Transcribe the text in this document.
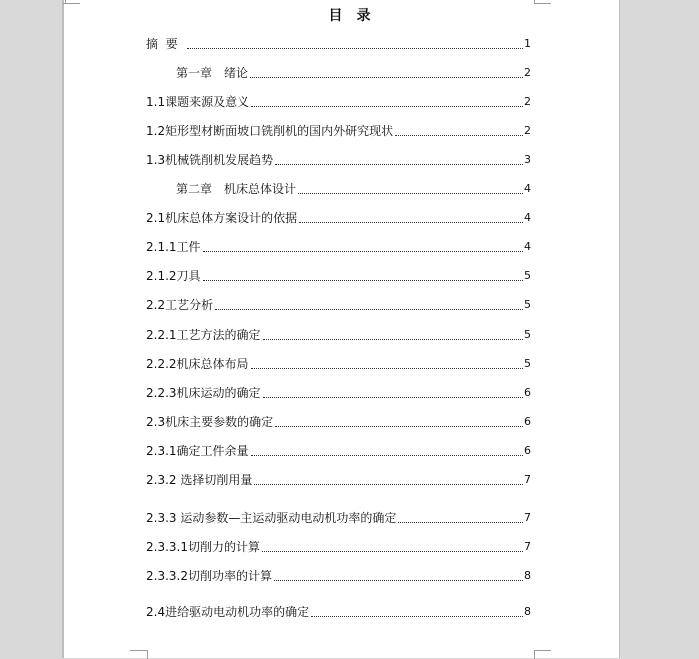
目　录
摘  要	1
第一章　绪论	2
1.1课题来源及意义	2
1.2矩形型材断面坡口铣削机的国内外研究现状	2
1.3机械铣削机发展趋势	3
第二章　机床总体设计	4
2.1机床总体方案设计的依据	4
2.1.1工件	4
2.1.2刀具	5
2.2工艺分析	5
2.2.1工艺方法的确定	5
2.2.2机床总体布局	5
2.2.3机床运动的确定	6
2.3机床主要参数的确定	6
2.3.1确定工件余量	6
2.3.2 选择切削用量	7
2.3.3 运动参数—主运动驱动电动机功率的确定	7
2.3.3.1切削力的计算	7
2.3.3.2切削功率的计算	8
2.4进给驱动电动机功率的确定	8
